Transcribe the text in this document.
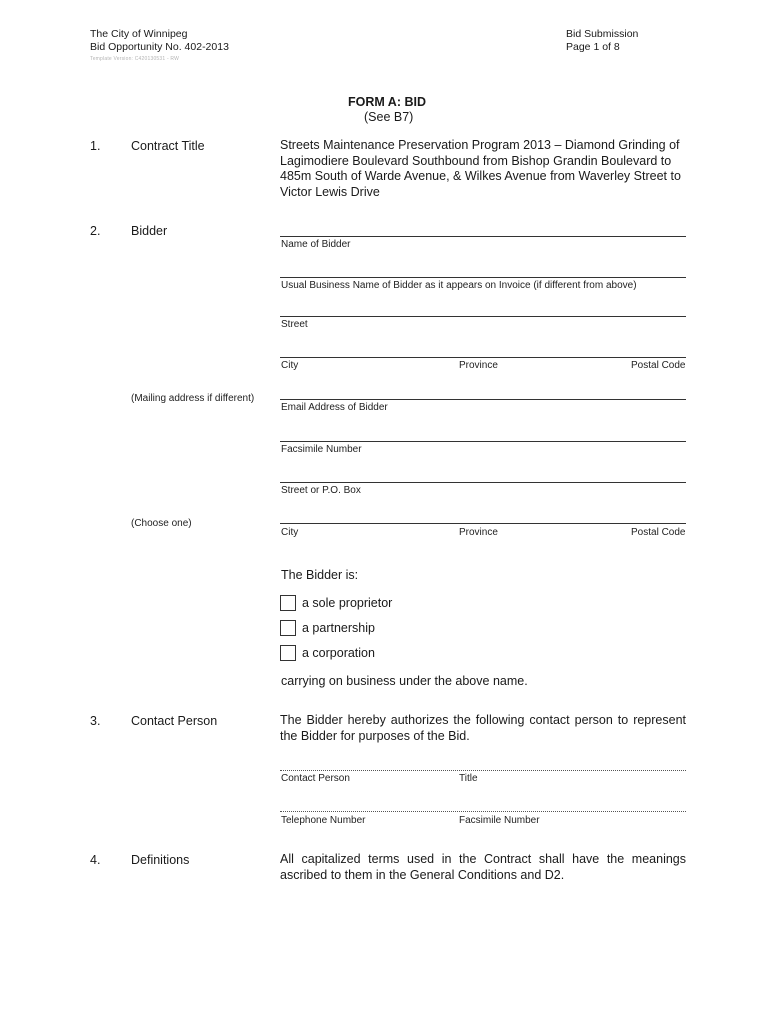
The City of Winnipeg
Bid Opportunity No. 402-2013
Template Version: C420130531 - RW
Bid Submission
Page 1 of 8
FORM A: BID
(See B7)
1. Contract Title	Streets Maintenance Preservation Program 2013 – Diamond Grinding of Lagimodiere Boulevard Southbound from Bishop Grandin Boulevard to 485m South of Warde Avenue, & Wilkes Avenue from Waverley Street to Victor Lewis Drive
2. Bidder
Name of Bidder
Usual Business Name of Bidder as it appears on Invoice (if different from above)
Street
City	Province	Postal Code
(Mailing address if different)
Email Address of Bidder
Facsimile Number
Street or P.O. Box
(Choose one)
City	Province	Postal Code
The Bidder is:
a sole proprietor
a partnership
a corporation
carrying on business under the above name.
3. Contact Person	The Bidder hereby authorizes the following contact person to represent the Bidder for purposes of the Bid.
Contact Person	Title
Telephone Number	Facsimile Number
4. Definitions	All capitalized terms used in the Contract shall have the meanings ascribed to them in the General Conditions and D2.
